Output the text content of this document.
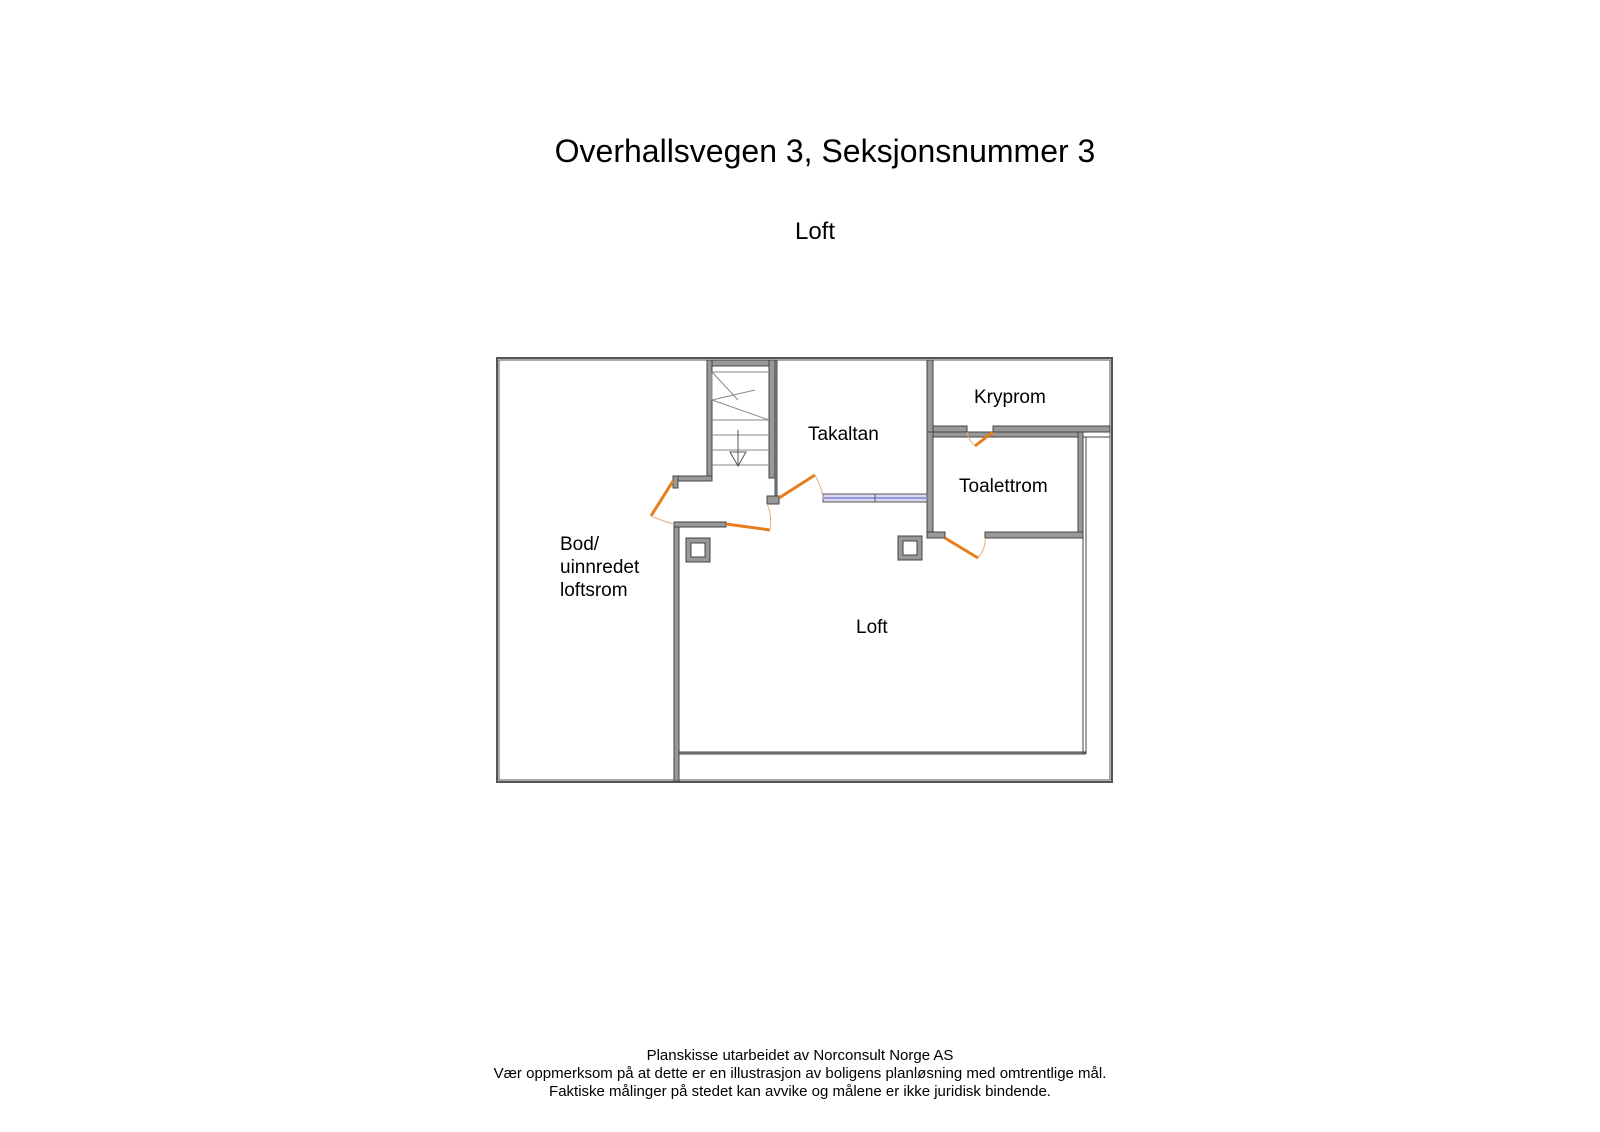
Overhallsvegen 3, Seksjonsnummer 3
Loft
Bod/
uinnredet
loftsrom
Takaltan
Kryprom
Toalettrom
Loft
Planskisse utarbeidet av Norconsult Norge AS
Vær oppmerksom på at dette er en illustrasjon av boligens planløsning med omtrentlige mål.
Faktiske målinger på stedet kan avvike og målene er ikke juridisk bindende.
